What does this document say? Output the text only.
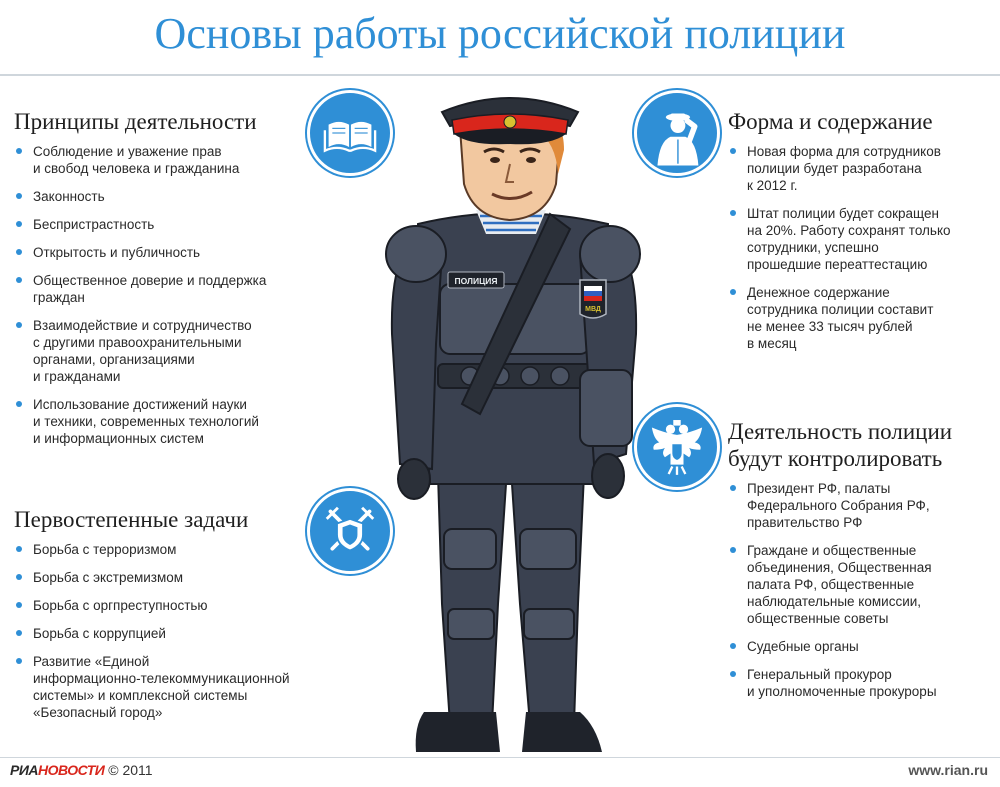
Основы работы российской полиции
Принципы деятельности
Соблюдение и уважение прав
и свобод человека и гражданина
Законность
Беспристрастность
Открытость и публичность
Общественное доверие и поддержка
граждан
Взаимодействие и сотрудничество
с другими правоохранительными
органами, организациями
и гражданами
Использование достижений науки
и техники, современных технологий
и информационных систем
Первостепенные задачи
Борьба с терроризмом
Борьба с экстремизмом
Борьба с оргпреступностью
Борьба с коррупцией
Развитие «Единой
информационно-телекоммуникационной
системы» и комплексной системы
«Безопасный город»
Форма и содержание
Новая форма для сотрудников
полиции будет разработана
к 2012 г.
Штат полиции будет сокращен
на 20%. Работу сохранят только
сотрудники, успешно
прошедшие переаттестацию
Денежное содержание
сотрудника полиции составит
не менее 33 тысяч рублей
в месяц
Деятельность полиции
будут контролировать
Президент РФ, палаты
Федерального Собрания РФ,
правительство РФ
Граждане и общественные
объединения, Общественная
палата РФ, общественные
наблюдательные комиссии,
общественные советы
Судебные органы
Генеральный прокурор
и уполномоченные прокуроры
МВД
ПОЛИЦИЯ
РИАНОВОСТИ © 2011	www.rian.ru
